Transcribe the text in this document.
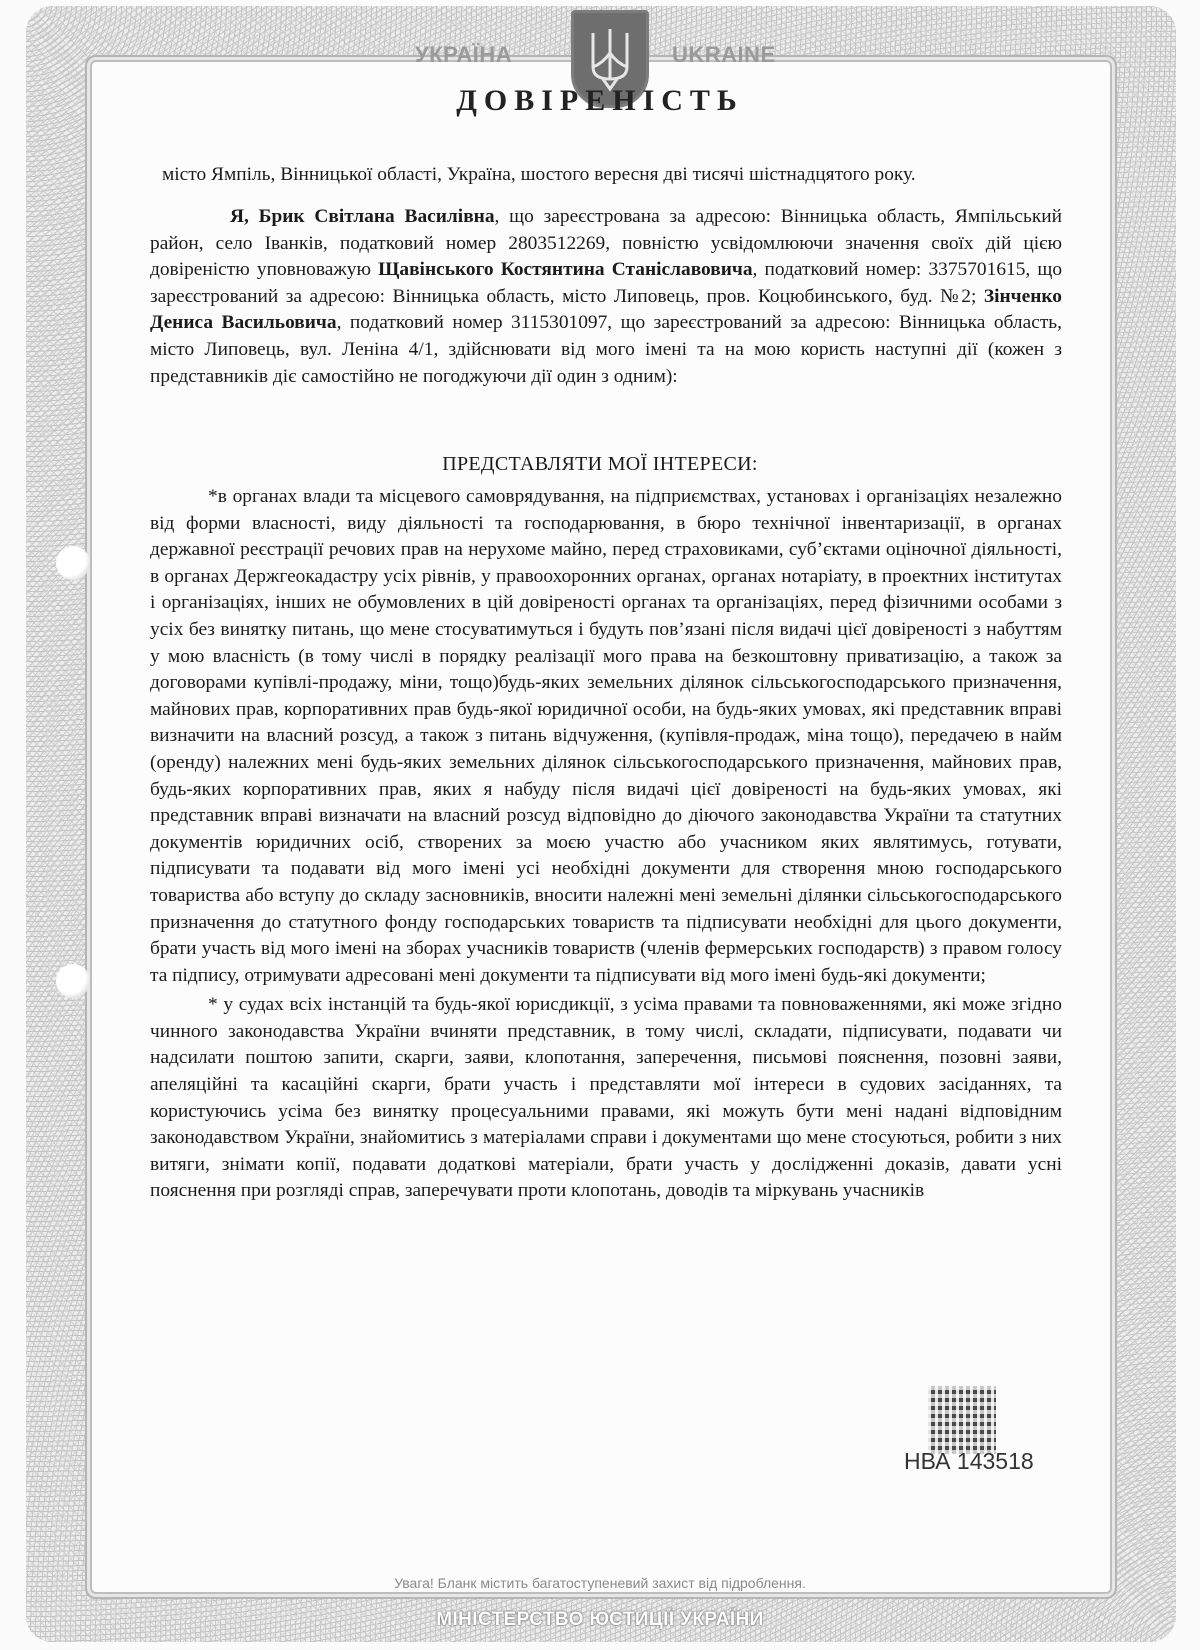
УКРАЇНА	UKRAINE
ДОВІРЕНІСТЬ
місто Ямпіль, Вінницької області, Україна, шостого вересня дві тисячі шістнадцятого року.

Я, Брик Світлана Василівна, що зареєстрована за адресою: Вінницька область, Ямпільський район, село Іванків, податковий номер 2803512269, повністю усвідомлюючи значення своїх дій цією довіреністю уповноважую Щавінського Костянтина Станіславовича, податковий номер: 3375701615, що зареєстрований за адресою: Вінницька область, місто Липовець, пров. Коцюбинського, буд. №2; Зінченко Дениса Васильовича, податковий номер 3115301097, що зареєстрований за адресою: Вінницька область, місто Липовець, вул. Леніна 4/1, здійснювати від мого імені та на мою користь наступні дії (кожен з представників діє самостійно не погоджуючи дії один з одним):

ПРЕДСТАВЛЯТИ МОЇ ІНТЕРЕСИ:

*в органах влади та місцевого самоврядування, на підприємствах, установах і організаціях незалежно від форми власності, виду діяльності та господарювання, в бюро технічної інвентаризації, в органах державної реєстрації речових прав на нерухоме майно, перед страховиками, суб’єктами оціночної діяльності, в органах Держгеокадастру усіх рівнів, у правоохоронних органах, органах нотаріату, в проектних інститутах і організаціях, інших не обумовлених в цій довіреності органах та організаціях, перед фізичними особами з усіх без винятку питань, що мене стосуватимуться і будуть пов’язані після видачі цієї довіреності з набуттям у мою власність (в тому числі в порядку реалізації мого права на безкоштовну приватизацію, а також за договорами купівлі-продажу, міни, тощо)будь-яких земельних ділянок сільськогосподарського призначення, майнових прав, корпоративних прав будь-якої юридичної особи, на будь-яких умовах, які представник вправі визначити на власний розсуд, а також з питань відчуження, (купівля-продаж, міна тощо), передачею в найм (оренду) належних мені будь-яких земельних ділянок сільськогосподарського призначення, майнових прав, будь-яких корпоративних прав, яких я набуду після видачі цієї довіреності на будь-яких умовах, які представник вправі визначати на власний розсуд відповідно до діючого законодавства України та статутних документів юридичних осіб, створених за моєю участю або учасником яких являтимусь, готувати, підписувати та подавати від мого імені усі необхідні документи для створення мною господарського товариства або вступу до складу засновників, вносити належні мені земельні ділянки сільськогосподарського призначення до статутного фонду господарських товариств та підписувати необхідні для цього документи, брати участь від мого імені на зборах учасників товариств (членів фермерських господарств) з правом голосу та підпису, отримувати адресовані мені документи та підписувати від мого імені будь-які документи;

* у судах всіх інстанцій та будь-якої юрисдикції, з усіма правами та повноваженнями, які може згідно чинного законодавства України вчиняти представник, в тому числі, складати, підписувати, подавати чи надсилати поштою запити, скарги, заяви, клопотання, заперечення, письмові пояснення, позовні заяви, апеляційні та касаційні скарги, брати участь і представляти мої інтереси в судових засіданнях, та користуючись усіма без винятку процесуальними правами, які можуть бути мені надані відповідним законодавством України, знайомитись з матеріалами справи і документами що мене стосуються, робити з них витяги, знімати копії, подавати додаткові матеріали, брати участь у дослідженні доказів, давати усні пояснення при розгляді справ, заперечувати проти клопотань, доводів та міркувань учасників

НВА 143518
Увага! Бланк містить багатоступеневий захист від підроблення.
МІНІСТЕРСТВО ЮСТИЦІЇ УКРАЇНИ
